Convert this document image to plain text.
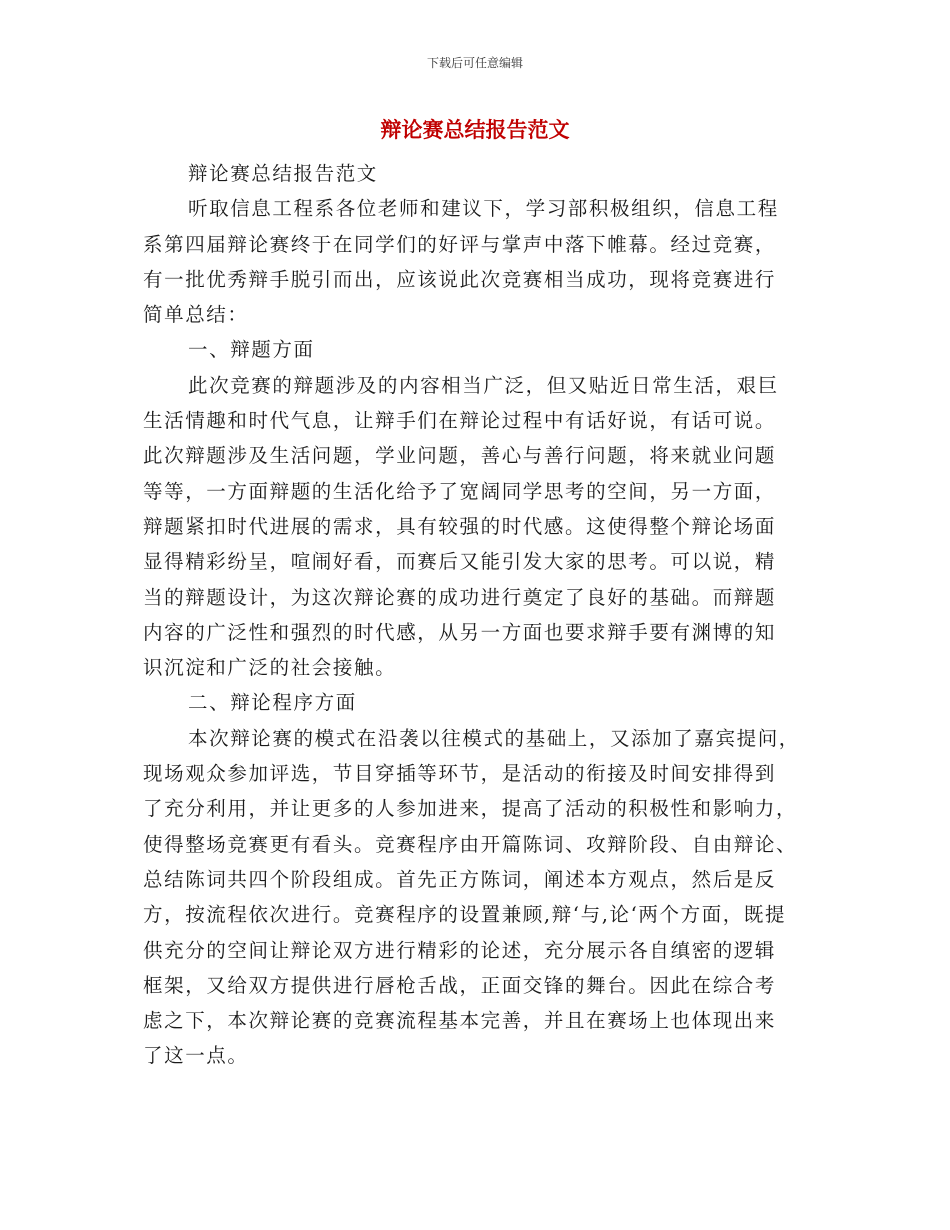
下载后可任意编辑
辩论赛总结报告范文
辩论赛总结报告范文
听取信息工程系各位老师和建议下，学习部积极组织，信息工程
系第四届辩论赛终于在同学们的好评与掌声中落下帷幕。经过竞赛，
有一批优秀辩手脱引而出，应该说此次竞赛相当成功，现将竞赛进行
简单总结：
一、辩题方面
此次竞赛的辩题涉及的内容相当广泛，但又贴近日常生活，艰巨
生活情趣和时代气息，让辩手们在辩论过程中有话好说，有话可说。
此次辩题涉及生活问题，学业问题，善心与善行问题，将来就业问题
等等，一方面辩题的生活化给予了宽阔同学思考的空间，另一方面，
辩题紧扣时代进展的需求，具有较强的时代感。这使得整个辩论场面
显得精彩纷呈，喧闹好看，而赛后又能引发大家的思考。可以说，精
当的辩题设计，为这次辩论赛的成功进行奠定了良好的基础。而辩题
内容的广泛性和强烈的时代感，从另一方面也要求辩手要有渊博的知
识沉淀和广泛的社会接触。
二、辩论程序方面
本次辩论赛的模式在沿袭以往模式的基础上，又添加了嘉宾提问，
现场观众参加评选，节目穿插等环节，是活动的衔接及时间安排得到
了充分利用，并让更多的人参加进来，提高了活动的积极性和影响力，
使得整场竞赛更有看头。竞赛程序由开篇陈词、攻辩阶段、自由辩论、
总结陈词共四个阶段组成。首先正方陈词，阐述本方观点，然后是反
方，按流程依次进行。竞赛程序的设置兼顾,辩‘与,论‘两个方面，既提
供充分的空间让辩论双方进行精彩的论述，充分展示各自缜密的逻辑
框架，又给双方提供进行唇枪舌战，正面交锋的舞台。因此在综合考
虑之下，本次辩论赛的竞赛流程基本完善，并且在赛场上也体现出来
了这一点。
